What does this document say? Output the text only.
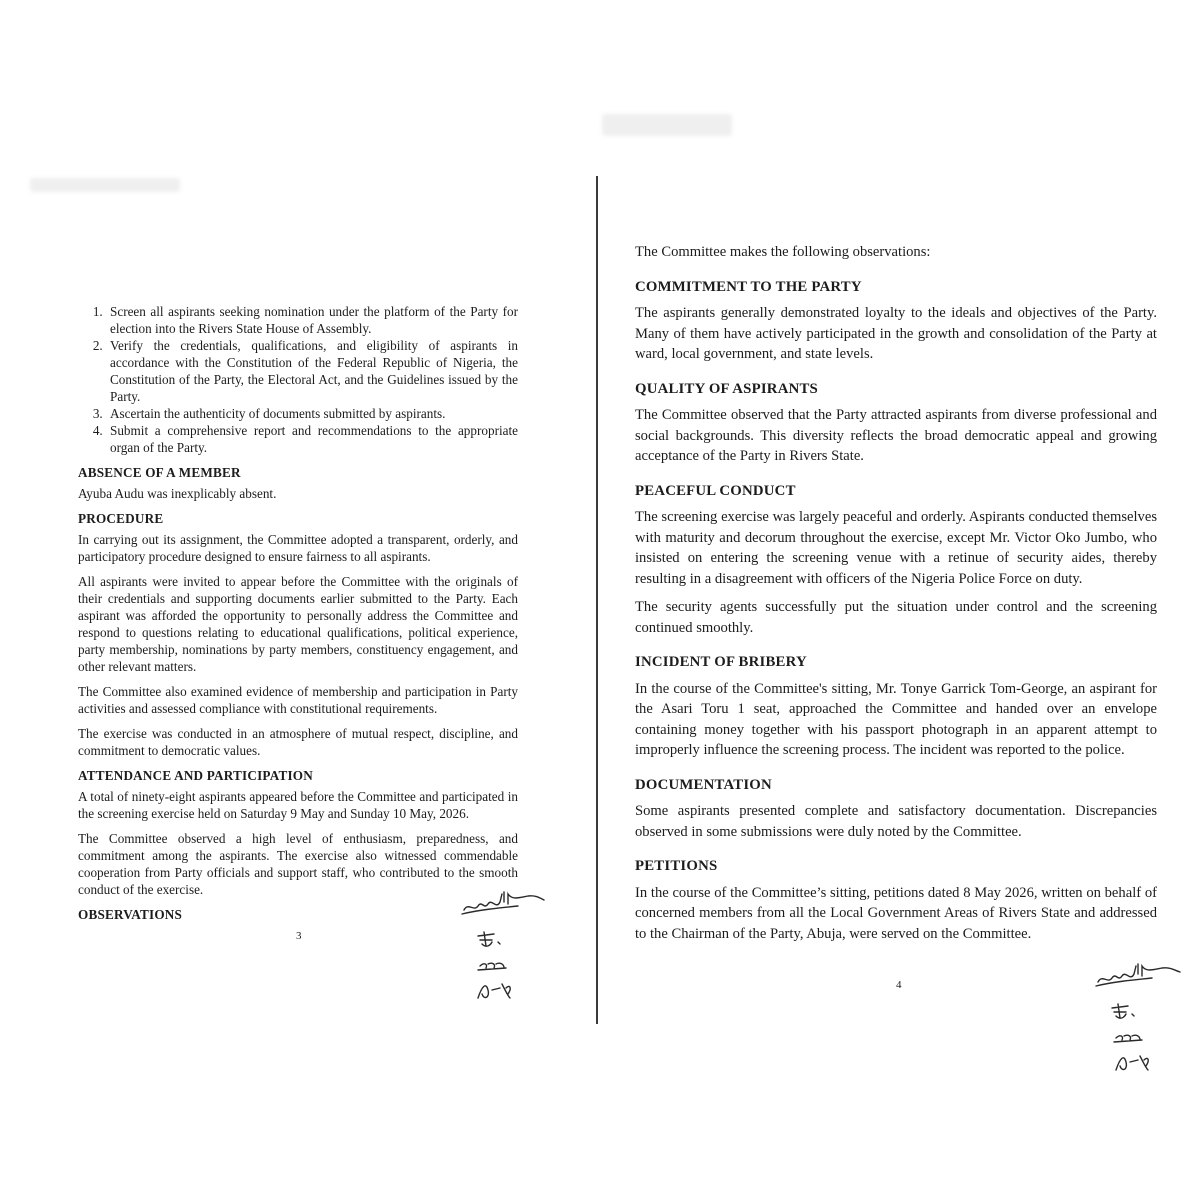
1. Screen all aspirants seeking nomination under the platform of the Party for election into the Rivers State House of Assembly.
2. Verify the credentials, qualifications, and eligibility of aspirants in accordance with the Constitution of the Federal Republic of Nigeria, the Constitution of the Party, the Electoral Act, and the Guidelines issued by the Party.
3. Ascertain the authenticity of documents submitted by aspirants.
4. Submit a comprehensive report and recommendations to the appropriate organ of the Party.
ABSENCE OF A MEMBER

Ayuba Audu was inexplicably absent.

PROCEDURE

In carrying out its assignment, the Committee adopted a transparent, orderly, and participatory procedure designed to ensure fairness to all aspirants.

All aspirants were invited to appear before the Committee with the originals of their credentials and supporting documents earlier submitted to the Party. Each aspirant was afforded the opportunity to personally address the Committee and respond to questions relating to educational qualifications, political experience, party membership, nominations by party members, constituency engagement, and other relevant matters.

The Committee also examined evidence of membership and participation in Party activities and assessed compliance with constitutional requirements.

The exercise was conducted in an atmosphere of mutual respect, discipline, and commitment to democratic values.

ATTENDANCE AND PARTICIPATION

A total of ninety-eight aspirants appeared before the Committee and participated in the screening exercise held on Saturday 9 May and Sunday 10 May, 2026.

The Committee observed a high level of enthusiasm, preparedness, and commitment among the aspirants. The exercise also witnessed commendable cooperation from Party officials and support staff, who contributed to the smooth conduct of the exercise.

OBSERVATIONS
3

The Committee makes the following observations:

COMMITMENT TO THE PARTY

The aspirants generally demonstrated loyalty to the ideals and objectives of the Party. Many of them have actively participated in the growth and consolidation of the Party at ward, local government, and state levels.

QUALITY OF ASPIRANTS

The Committee observed that the Party attracted aspirants from diverse professional and social backgrounds. This diversity reflects the broad democratic appeal and growing acceptance of the Party in Rivers State.

PEACEFUL CONDUCT

The screening exercise was largely peaceful and orderly. Aspirants conducted themselves with maturity and decorum throughout the exercise, except Mr. Victor Oko Jumbo, who insisted on entering the screening venue with a retinue of security aides, thereby resulting in a disagreement with officers of the Nigeria Police Force on duty.

The security agents successfully put the situation under control and the screening continued smoothly.

INCIDENT OF BRIBERY

In the course of the Committee's sitting, Mr. Tonye Garrick Tom-George, an aspirant for the Asari Toru 1 seat, approached the Committee and handed over an envelope containing money together with his passport photograph in an apparent attempt to improperly influence the screening process. The incident was reported to the police.

DOCUMENTATION

Some aspirants presented complete and satisfactory documentation. Discrepancies observed in some submissions were duly noted by the Committee.

PETITIONS

In the course of the Committee’s sitting, petitions dated 8 May 2026, written on behalf of concerned members from all the Local Government Areas of Rivers State and addressed to the Chairman of the Party, Abuja, were served on the Committee.

4
